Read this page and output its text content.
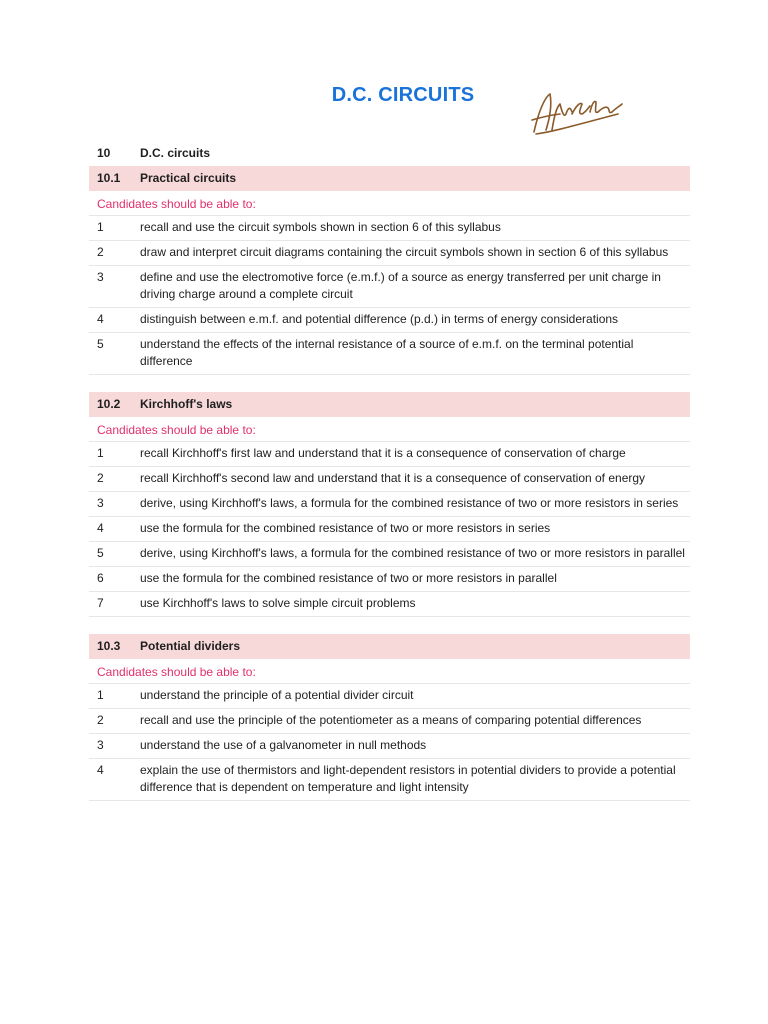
D.C. CIRCUITS
10	D.C. circuits
10.1	Practical circuits
Candidates should be able to:
1	recall and use the circuit symbols shown in section 6 of this syllabus
2	draw and interpret circuit diagrams containing the circuit symbols shown in section 6 of this syllabus
3	define and use the electromotive force (e.m.f.) of a source as energy transferred per unit charge in driving charge around a complete circuit
4	distinguish between e.m.f. and potential difference (p.d.) in terms of energy considerations
5	understand the effects of the internal resistance of a source of e.m.f. on the terminal potential difference
10.2	Kirchhoff's laws
Candidates should be able to:
1	recall Kirchhoff's first law and understand that it is a consequence of conservation of charge
2	recall Kirchhoff's second law and understand that it is a consequence of conservation of energy
3	derive, using Kirchhoff's laws, a formula for the combined resistance of two or more resistors in series
4	use the formula for the combined resistance of two or more resistors in series
5	derive, using Kirchhoff's laws, a formula for the combined resistance of two or more resistors in parallel
6	use the formula for the combined resistance of two or more resistors in parallel
7	use Kirchhoff's laws to solve simple circuit problems
10.3	Potential dividers
Candidates should be able to:
1	understand the principle of a potential divider circuit
2	recall and use the principle of the potentiometer as a means of comparing potential differences
3	understand the use of a galvanometer in null methods
4	explain the use of thermistors and light-dependent resistors in potential dividers to provide a potential difference that is dependent on temperature and light intensity
